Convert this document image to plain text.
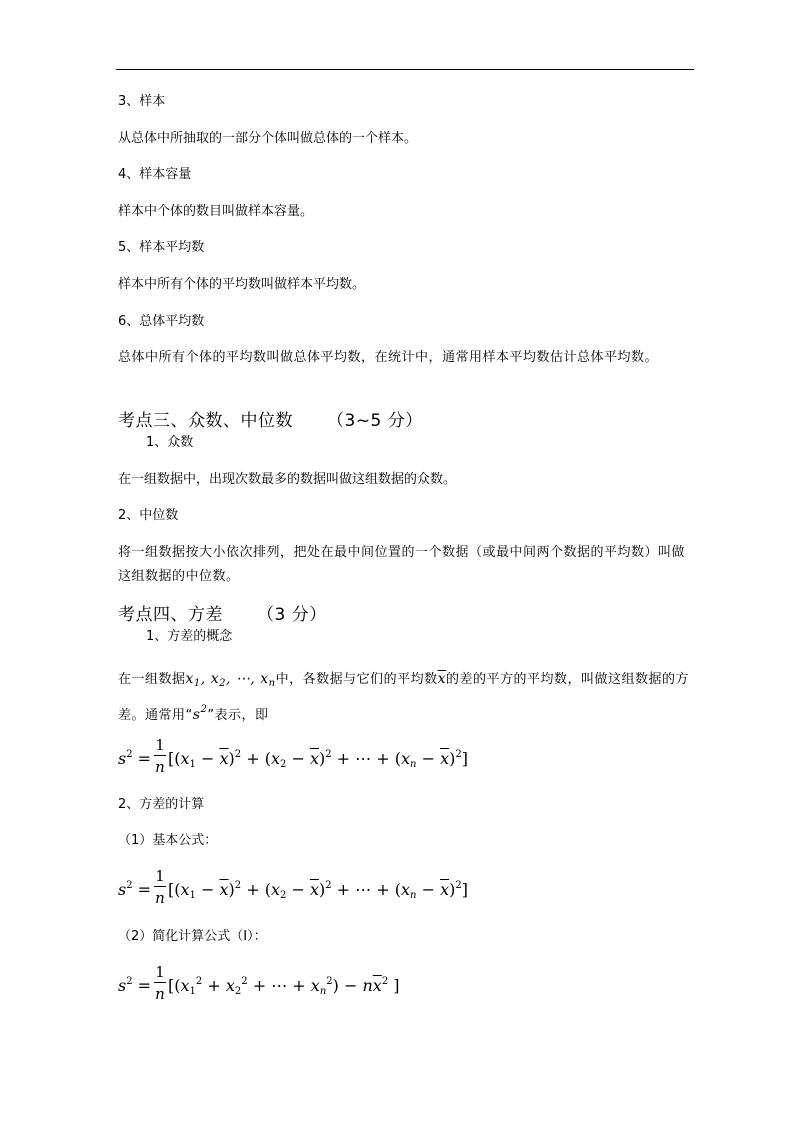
3、样本
从总体中所抽取的一部分个体叫做总体的一个样本。
4、样本容量
样本中个体的数目叫做样本容量。
5、样本平均数
样本中所有个体的平均数叫做样本平均数。
6、总体平均数
总体中所有个体的平均数叫做总体平均数，在统计中，通常用样本平均数估计总体平均数。
考点三、众数、中位数 （3~5 分）
1、众数
在一组数据中，出现次数最多的数据叫做这组数据的众数。
2、中位数
将一组数据按大小依次排列，把处在最中间位置的一个数据（或最中间两个数据的平均数）叫做这组数据的中位数。
考点四、方差 （3 分）
1、方差的概念
在一组数据$x_1$, $x_2$, ⋯, $x_n$中，各数据与它们的平均数$\overline{x}$的差的平方的平均数，叫做这组数据的方差。通常用“$s^2$”表示，即
$s^2$ =
1
n [$(x_1 - \overline{x})^2 + (x_2 - \overline{x})^2$ + ⋯ + $(x_n - \overline{x})^2$]
2、方差的计算
（1）基本公式：
$s^2$ =
1
n [$(x_1 - \overline{x})^2 + (x_2 - \overline{x})^2$ + ⋯ + $(x_n - \overline{x})^2$]
（2）简化计算公式（Ⅰ）：
$s^2$ =
1
n [($x_1^2 + x_2^2$ + ⋯ + $x_n^2) - n\overline{x}^2$ ]
